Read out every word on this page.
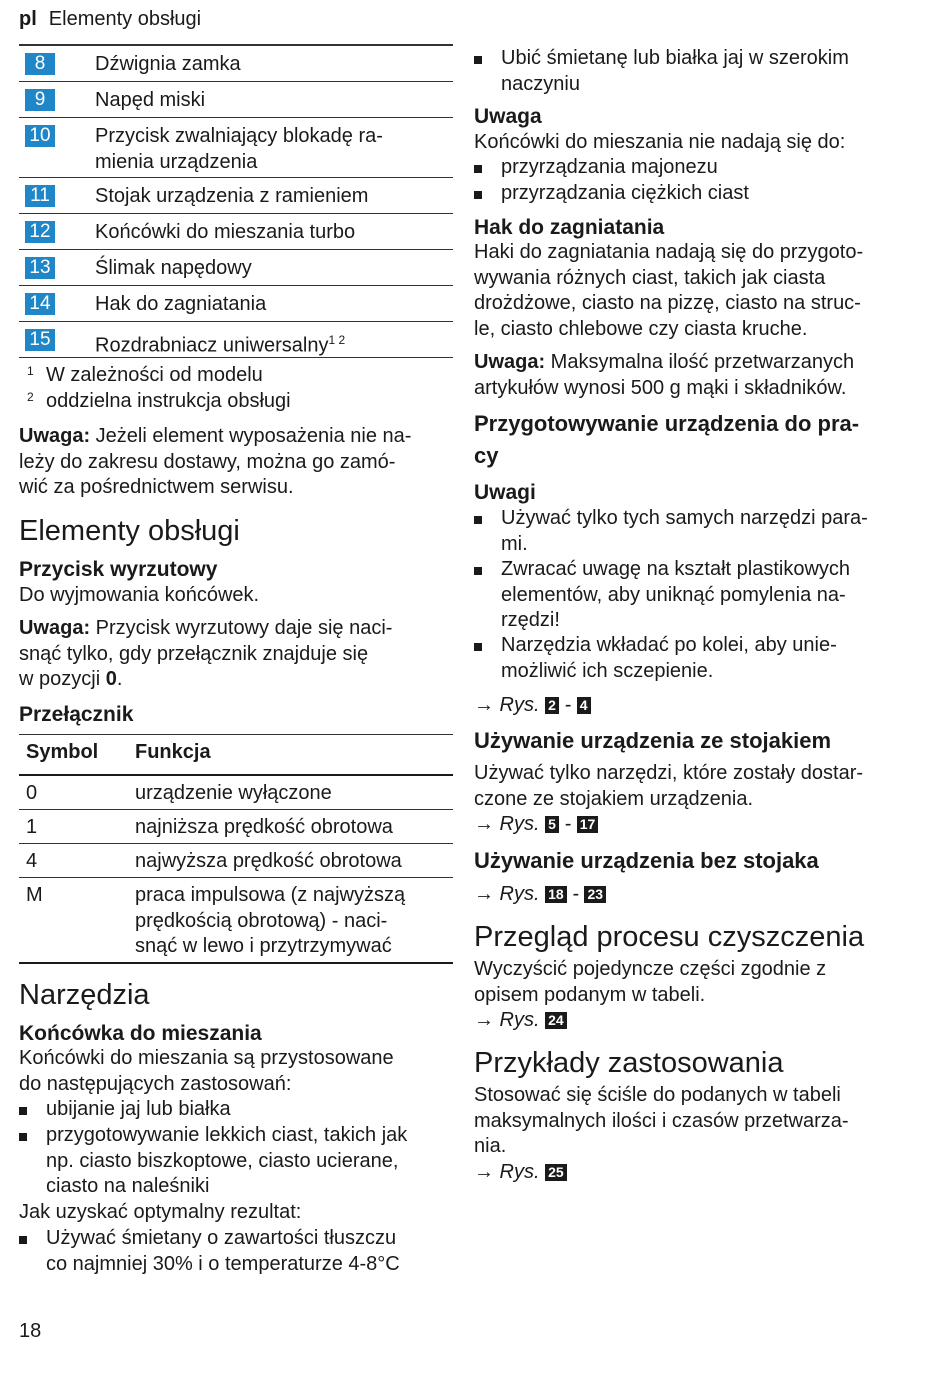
pl Elementy obsługi
8	Dźwignia zamka
9	Napęd miski
10 Przycisk zwalniający blokadę ra-
mienia urządzenia
11 Stojak urządzenia z ramieniem
12 Końcówki do mieszania turbo
13 Ślimak napędowy
14 Hak do zagniatania
15 Rozdrabniacz uniwersalny$^{1 2}$
1 W zależności od modelu
2 oddzielna instrukcja obsługi
Uwaga: Jeżeli element wyposażenia nie na-
leży do zakresu dostawy, można go zamó-
wić za pośrednictwem serwisu.
Elementy obsługi
Przycisk wyrzutowy
Do wyjmowania końcówek.
Uwaga: Przycisk wyrzutowy daje się naci-
snąć tylko, gdy przełącznik znajduje się
w pozycji 0.
Przełącznik
Symbol Funkcja
0	urządzenie wyłączone
1	najniższa prędkość obrotowa
4	najwyższa prędkość obrotowa
M	praca impulsowa (z najwyższą
prędkością obrotową) - naci-
snąć w lewo i przytrzymywać
Narzędzia
Końcówka do mieszania
Końcówki do mieszania są przystosowane
do następujących zastosowań:
ubijanie jaj lub białka
przygotowywanie lekkich ciast, takich jak
np. ciasto biszkoptowe, ciasto ucierane,
ciasto na naleśniki
Jak uzyskać optymalny rezultat:
Używać śmietany o zawartości tłuszczu
co najmniej 30% i o temperaturze 4-8°C
18
Ubić śmietanę lub białka jaj w szerokim
naczyniu
Uwaga
Końcówki do mieszania nie nadają się do:
przyrządzania majonezu
przyrządzania ciężkich ciast
Hak do zagniatania
Haki do zagniatania nadają się do przygoto-
wywania różnych ciast, takich jak ciasta
drożdżowe, ciasto na pizzę, ciasto na struc-
le, ciasto chlebowe czy ciasta kruche.
Uwaga: Maksymalna ilość przetwarzanych
artykułów wynosi 500 g mąki i składników.
Przygotowywanie urządzenia do pra-
cy
Uwagi
Używać tylko tych samych narzędzi para-
mi.
Zwracać uwagę na kształt plastikowych
elementów, aby uniknąć pomylenia na-
rzędzi!
Narzędzia wkładać po kolei, aby unie-
możliwić ich sczepienie.
→ Rys. 2 - 4
Używanie urządzenia ze stojakiem
Używać tylko narzędzi, które zostały dostar-
czone ze stojakiem urządzenia.
→ Rys. 5 - 17
Używanie urządzenia bez stojaka
→ Rys. 18 - 23
Przegląd procesu czyszczenia
Wyczyścić pojedyncze części zgodnie z
opisem podanym w tabeli.
→ Rys. 24
Przykłady zastosowania
Stosować się ściśle do podanych w tabeli
maksymalnych ilości i czasów przetwarza-
nia.
→ Rys. 25
